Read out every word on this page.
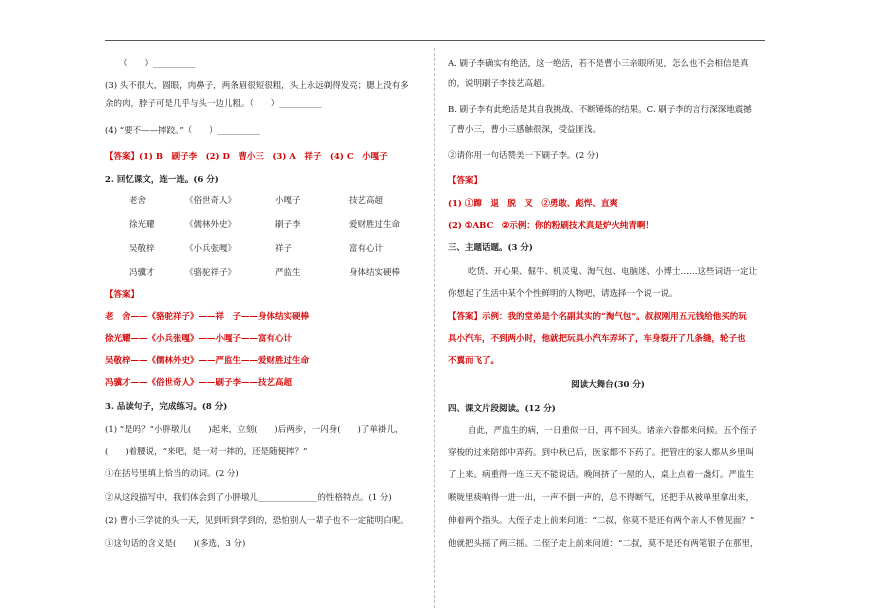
（　　）__________
(3) 头不很大，圆眼，肉鼻子，两条眉很短很粗，头上永远剃得发亮；腮上没有多
余的肉，脖子可是几乎与头一边儿粗。（　　）__________
(4) “要不——摔跤。”（　　）__________
【答案】(1) B　刷子李　(2) D　曹小三　(3) A　祥子　(4) C　小嘎子
2. 回忆课文，连一连。(6 分)
老舍	《俗世奇人》	小嘎子	技艺高超
徐光耀	《儒林外史》	刷子李	爱财胜过生命
吴敬梓	《小兵张嘎》	祥子	富有心计
冯骥才	《骆驼祥子》	严监生	身体结实硬棒
【答案】
老　舍——《骆驼祥子》——祥　子——身体结实硬棒
徐光耀——《小兵张嘎》——小嘎子——富有心计
吴敬梓——《儒林外史》——严监生——爱财胜过生命
冯骥才——《俗世奇人》——刷子李——技艺高超
3. 品读句子，完成练习。(8 分)
(1) “是吗？”小胖墩儿(　　)起来，立刻(　　)后两步，一闪身(　　)了单褂儿，
(　　)着腰说，“来吧，是一对一摔的，还是随便摔？”
①在括号里填上恰当的动词。(2 分)
②从这段描写中，我们体会到了小胖墩儿______________的性格特点。(1 分)
(2) 曹小三学徒的头一天，见到听到学到的，恐怕别人一辈子也不一定能明白呢。
①这句话的含义是(　　)(多选，3 分)
A. 刷子李确实有绝活，这一绝活，若不是曹小三亲眼所见，怎么也不会相信是真
的，说明刷子李技艺高超。
B. 刷子李有此绝活是其自我挑战、不断锤炼的结果。C. 刷子李的言行深深地震撼
了曹小三，曹小三感触很深，受益匪浅。
②请你用一句话赞美一下刷子李。(2 分)
【答案】
(1) ①蹿　退　脱　叉　②勇敢、彪悍、直爽
(2) ①ABC　②示例：你的粉刷技术真是炉火纯青啊！
三、主题话题。(3 分)
吃货、开心果、倔牛、机灵鬼、淘气包、电脑迷、小博士……这些词语一定让
你想起了生活中某个个性鲜明的人物吧，请选择一个说一说。
【答案】示例：我的堂弟是个名副其实的“淘气包”。叔叔刚用五元钱给他买的玩
具小汽车，不到两小时，他就把玩具小汽车弄坏了，车身裂开了几条缝，轮子也
不翼而飞了。
阅读大舞台(30 分)
四、课文片段阅读。(12 分)
自此，严监生的病，一日重似一日，再不回头。诸亲六眷都来问候。五个侄子
穿梭的过来陪郎中弄药。到中秋已后，医家都不下药了。把管庄的家人都从乡里叫
了上来。病重得一连三天不能说话。晚间挤了一屋的人，桌上点着一盏灯。严监生
喉咙里痰响得一进一出，一声不倒一声的，总不得断气，还把手从被单里拿出来，
伸着两个指头。大侄子走上前来问道：“二叔，你莫不是还有两个亲人不曾见面？”
他就把头摇了两三摇。二侄子走上前来问道：“二叔，莫不是还有两笔银子在那里，
